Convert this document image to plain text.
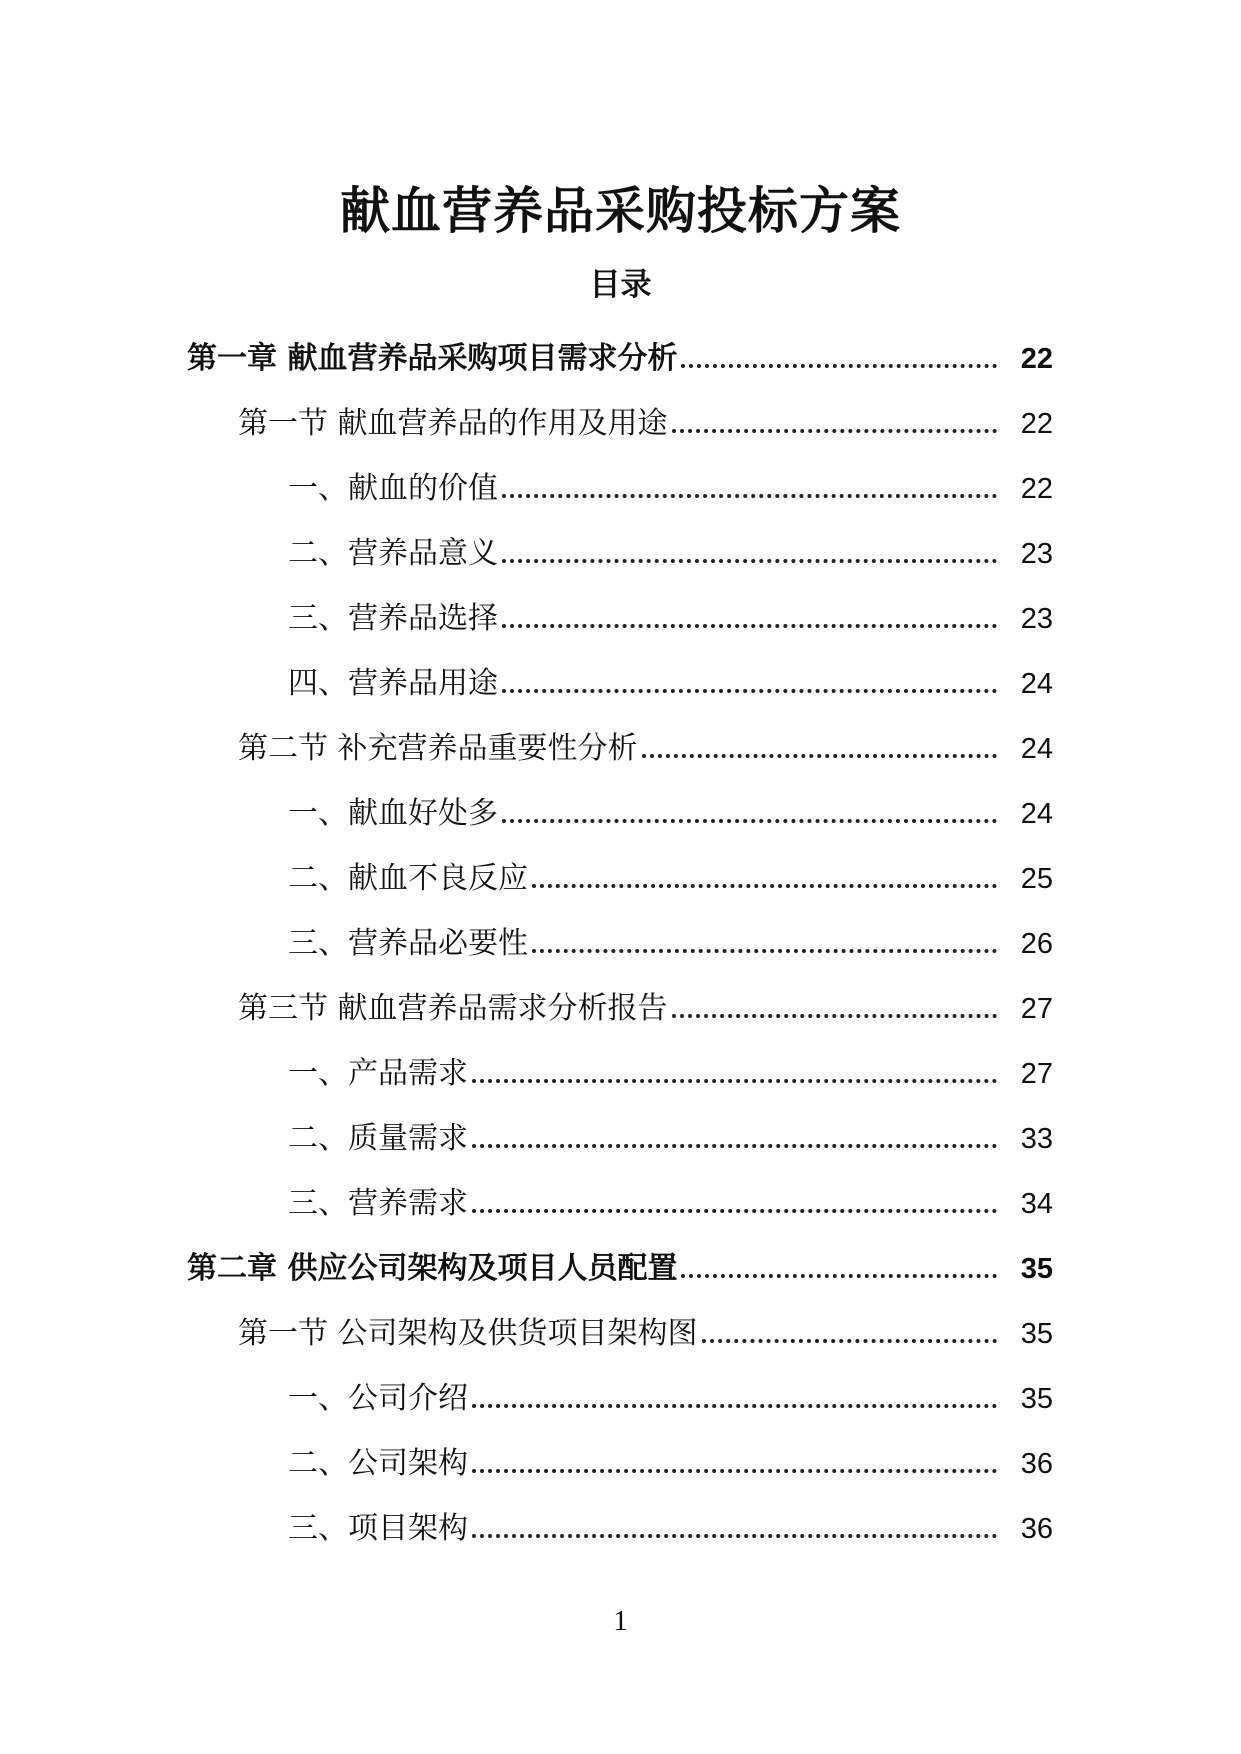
献血营养品采购投标方案
目录
第一章 献血营养品采购项目需求分析	22
第一节 献血营养品的作用及用途	22
一、献血的价值	22
二、营养品意义	23
三、营养品选择	23
四、营养品用途	24
第二节 补充营养品重要性分析	24
一、献血好处多	24
二、献血不良反应	25
三、营养品必要性	26
第三节 献血营养品需求分析报告	27
一、产品需求	27
二、质量需求	33
三、营养需求	34
第二章 供应公司架构及项目人员配置	35
第一节 公司架构及供货项目架构图	35
一、公司介绍	35
二、公司架构	36
三、项目架构	36
1
